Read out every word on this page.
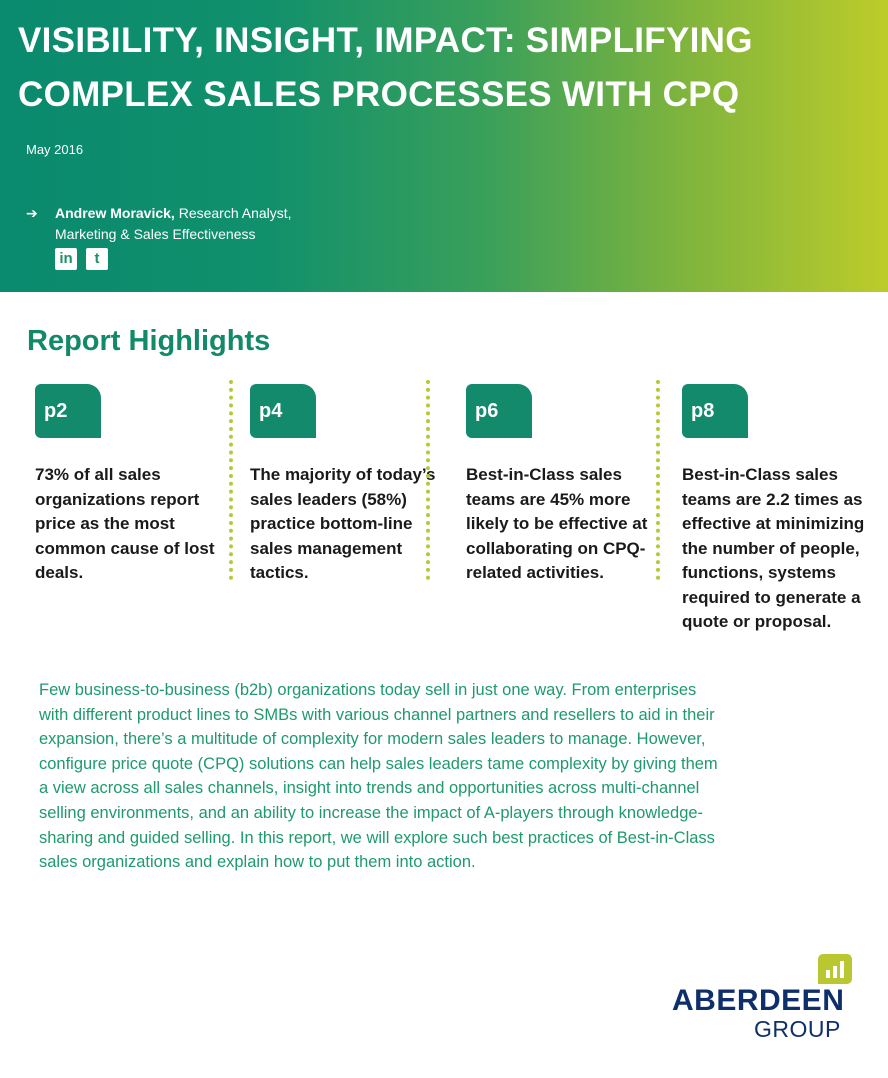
VISIBILITY, INSIGHT, IMPACT: SIMPLIFYING
COMPLEX SALES PROCESSES WITH CPQ
May 2016
➔	Andrew Moravick, Research Analyst,
Marketing & Sales Effectiveness
in	t
Report Highlights
p2

73% of all sales organizations report price as the most common cause of lost deals.

p4

The majority of today’s sales leaders (58%) practice bottom-line sales management tactics.

p6

Best-in-Class sales teams are 45% more likely to be effective at collaborating on CPQ-related activities.

p8

Best-in-Class sales teams are 2.2 times as effective at minimizing the number of people, functions, systems required to generate a quote or proposal.

Few business-to-business (b2b) organizations today sell in just one way. From enterprises with different product lines to SMBs with various channel partners and resellers to aid in their expansion, there’s a multitude of complexity for modern sales leaders to manage. However, configure price quote (CPQ) solutions can help sales leaders tame complexity by giving them a view across all sales channels, insight into trends and opportunities across multi-channel selling environments, and an ability to increase the impact of A-players through knowledge-sharing and guided selling. In this report, we will explore such best practices of Best-in-Class sales organizations and explain how to put them into action.

ABERDEEN
GROUP
